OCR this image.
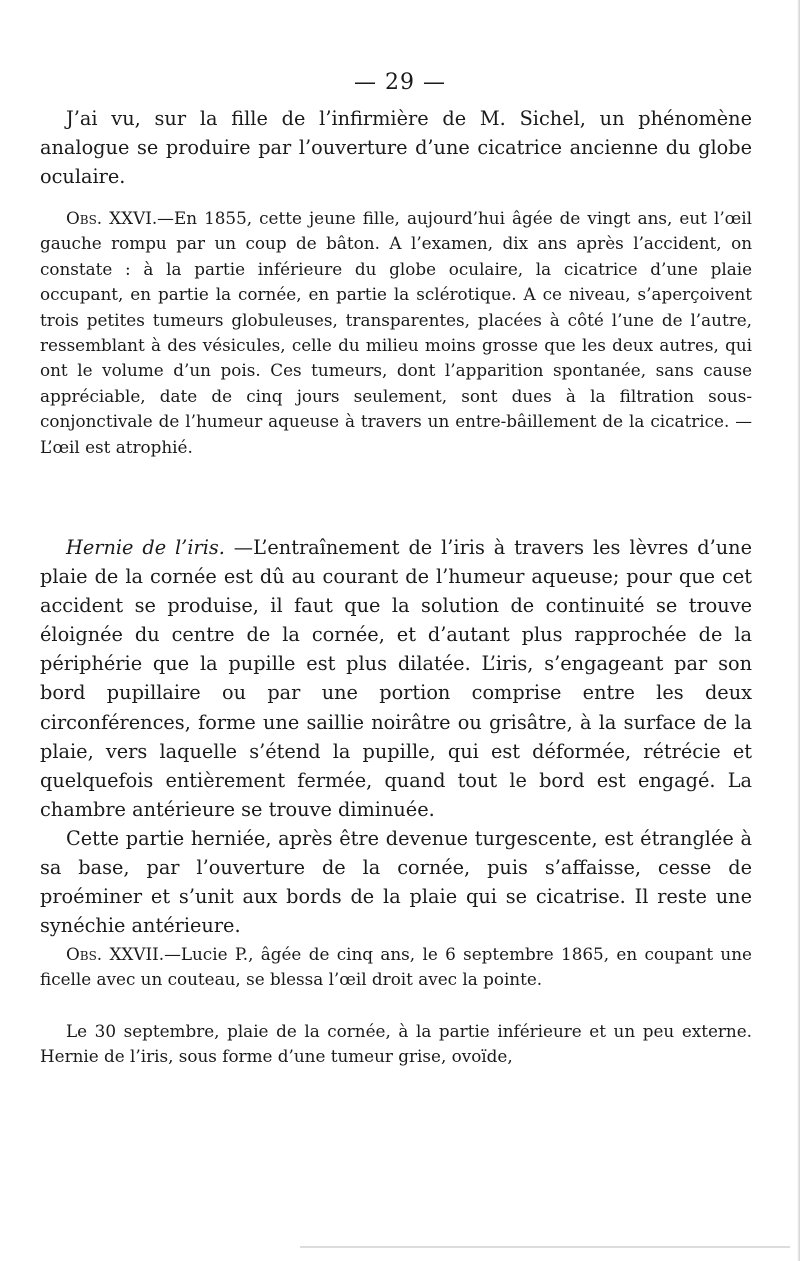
— 29 —

J’ai vu, sur la fille de l’infirmière de M. Sichel, un phénomène analogue se produire par l’ouverture d’une cicatrice ancienne du globe oculaire.

Obs. XXVI.—En 1855, cette jeune fille, aujourd’hui âgée de vingt ans, eut l’œil gauche rompu par un coup de bâton. A l’examen, dix ans après l’accident, on constate : à la partie inférieure du globe oculaire, la cicatrice d’une plaie occupant, en partie la cornée, en partie la sclérotique. A ce niveau, s’aperçoivent trois petites tumeurs globuleuses, transparentes, placées à côté l’une de l’autre, ressemblant à des vésicules, celle du milieu moins grosse que les deux autres, qui ont le volume d’un pois. Ces tumeurs, dont l’apparition spontanée, sans cause appréciable, date de cinq jours seulement, sont dues à la filtration sous-conjonctivale de l’humeur aqueuse à travers un entre-bâillement de la cicatrice. — L’œil est atrophié.

Hernie de l’iris. —L’entraînement de l’iris à travers les lèvres d’une plaie de la cornée est dû au courant de l’humeur aqueuse; pour que cet accident se produise, il faut que la solution de continuité se trouve éloignée du centre de la cornée, et d’autant plus rapprochée de la périphérie que la pupille est plus dilatée. L’iris, s’engageant par son bord pupillaire ou par une portion comprise entre les deux circonférences, forme une saillie noirâtre ou grisâtre, à la surface de la plaie, vers laquelle s’étend la pupille, qui est déformée, rétrécie et quelquefois entièrement fermée, quand tout le bord est engagé. La chambre antérieure se trouve diminuée.

Cette partie herniée, après être devenue turgescente, est étranglée à sa base, par l’ouverture de la cornée, puis s’affaisse, cesse de proéminer et s’unit aux bords de la plaie qui se cicatrise. Il reste une synéchie antérieure.

Obs. XXVII.—Lucie P., âgée de cinq ans, le 6 septembre 1865, en coupant une ficelle avec un couteau, se blessa l’œil droit avec la pointe.

Le 30 septembre, plaie de la cornée, à la partie inférieure et un peu externe. Hernie de l’iris, sous forme d’une tumeur grise, ovoïde,
